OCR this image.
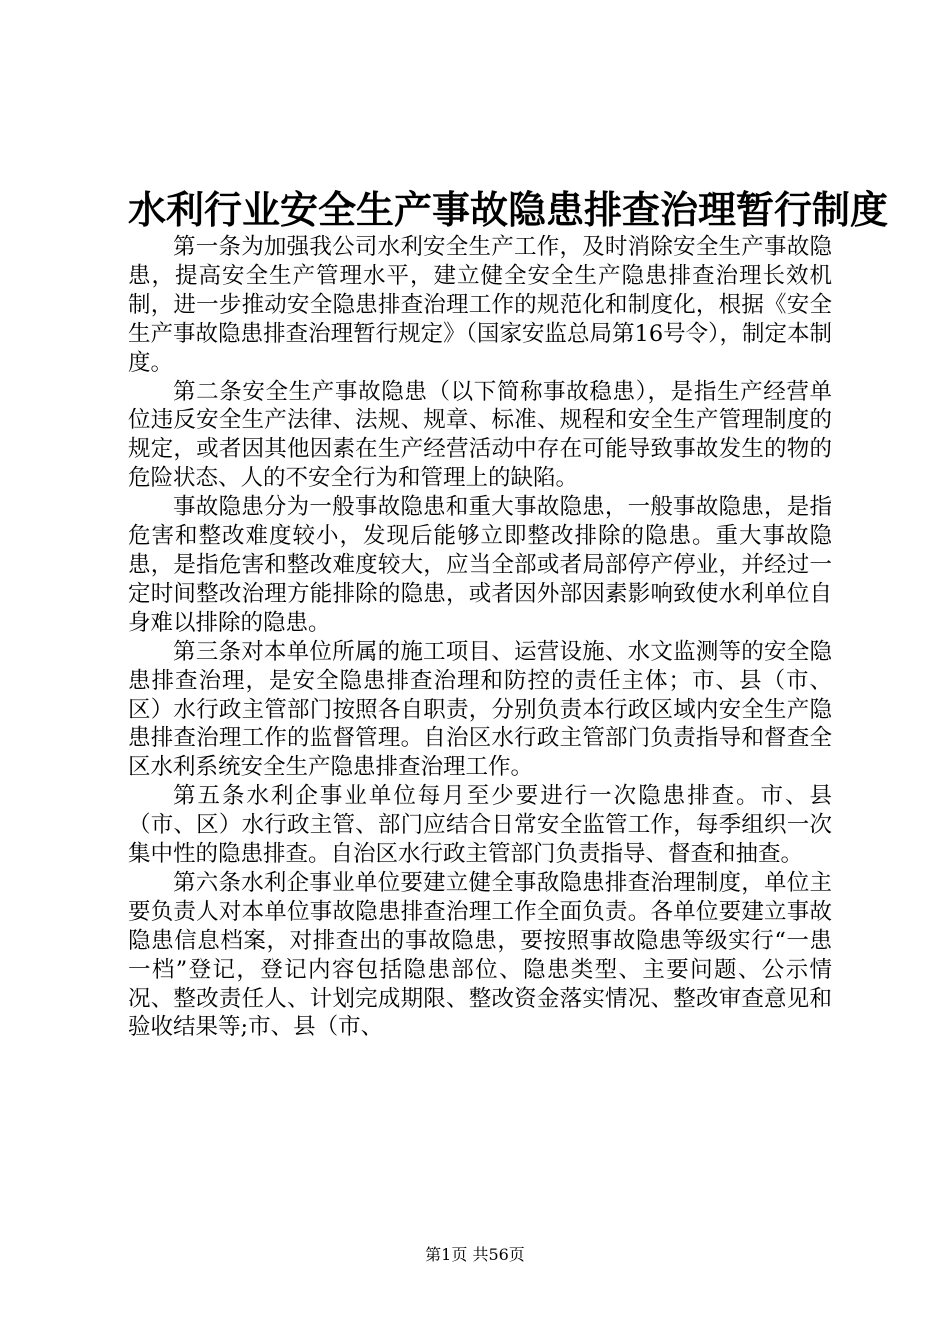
水利行业安全生产事故隐患排查治理暂行制度

第一条为加强我公司水利安全生产工作，及时消除安全生产事故隐患，提高安全生产管理水平，建立健全安全生产隐患排查治理长效机制，进一步推动安全隐患排查治理工作的规范化和制度化，根据《安全生产事故隐患排查治理暂行规定》（国家安监总局第16号令），制定本制度。

第二条安全生产事故隐患（以下简称事故稳患），是指生产经营单位违反安全生产法律、法规、规章、标准、规程和安全生产管理制度的规定，或者因其他因素在生产经营活动中存在可能导致事故发生的物的危险状态、人的不安全行为和管理上的缺陷。

事故隐患分为一般事故隐患和重大事故隐患，一般事故隐患，是指危害和整改难度较小，发现后能够立即整改排除的隐患。重大事故隐患，是指危害和整改难度较大，应当全部或者局部停产停业，并经过一定时间整改治理方能排除的隐患，或者因外部因素影响致使水利单位自身难以排除的隐患。

第三条对本单位所属的施工项目、运营设施、水文监测等的安全隐患排查治理，是安全隐患排查治理和防控的责任主体；市、县（市、区）水行政主管部门按照各自职责，分别负责本行政区域内安全生产隐患排查治理工作的监督管理。自治区水行政主管部门负责指导和督查全区水利系统安全生产隐患排查治理工作。

第五条水利企事业单位每月至少要进行一次隐患排查。市、县（市、区）水行政主管、部门应结合日常安全监管工作，每季组织一次集中性的隐患排查。自治区水行政主管部门负责指导、督查和抽查。

第六条水利企事业单位要建立健全事敌隐患排查治理制度，单位主要负责人对本单位事故隐患排查治理工作全面负责。各单位要建立事故隐患信息档案，对排查出的事故隐患，要按照事故隐患等级实行“一患一档”登记，登记内容包括隐患部位、隐患类型、主要问题、公示情况、整改责任人、计划完成期限、整改资金落实情况、整改审查意见和验收结果等;市、县（市、

第1页 共56页
